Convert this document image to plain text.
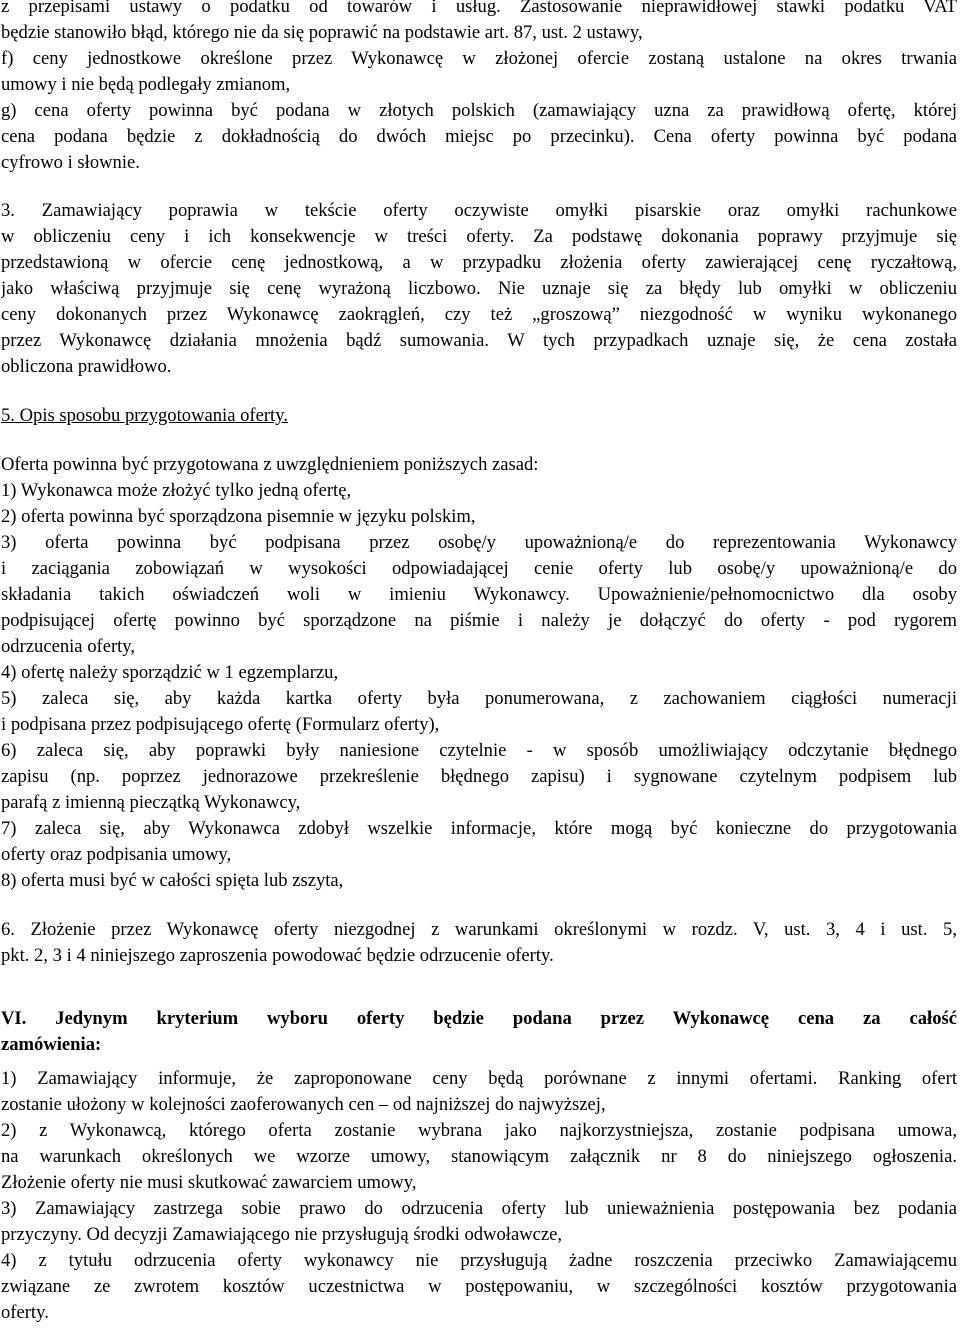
z przepisami ustawy o podatku od towarów i usług. Zastosowanie nieprawidłowej stawki podatku VAT
będzie stanowiło błąd, którego nie da się poprawić na podstawie art. 87, ust. 2 ustawy,
f) ceny jednostkowe określone przez Wykonawcę w złożonej ofercie zostaną ustalone na okres trwania
umowy i nie będą podlegały zmianom,
g) cena oferty powinna być podana w złotych polskich (zamawiający uzna za prawidłową ofertę, której
cena podana będzie z dokładnością do dwóch miejsc po przecinku). Cena oferty powinna być podana
cyfrowo i słownie.
3. Zamawiający poprawia w tekście oferty oczywiste omyłki pisarskie oraz omyłki rachunkowe
w obliczeniu ceny i ich konsekwencje w treści oferty. Za podstawę dokonania poprawy przyjmuje się
przedstawioną w ofercie cenę jednostkową, a w przypadku złożenia oferty zawierającej cenę ryczałtową,
jako właściwą przyjmuje się cenę wyrażoną liczbowo. Nie uznaje się za błędy lub omyłki w obliczeniu
ceny dokonanych przez Wykonawcę zaokrągleń, czy też „groszową” niezgodność w wyniku wykonanego
przez Wykonawcę działania mnożenia bądź sumowania. W tych przypadkach uznaje się, że cena została
obliczona prawidłowo.
5. Opis sposobu przygotowania oferty.
Oferta powinna być przygotowana z uwzględnieniem poniższych zasad:
1) Wykonawca może złożyć tylko jedną ofertę,
2) oferta powinna być sporządzona pisemnie w języku polskim,
3) oferta powinna być podpisana przez osobę/y upoważnioną/e do reprezentowania Wykonawcy
i zaciągania zobowiązań w wysokości odpowiadającej cenie oferty lub osobę/y upoważnioną/e do
składania takich oświadczeń woli w imieniu Wykonawcy. Upoważnienie/pełnomocnictwo dla osoby
podpisującej ofertę powinno być sporządzone na piśmie i należy je dołączyć do oferty - pod rygorem
odrzucenia oferty,
4) ofertę należy sporządzić w 1 egzemplarzu,
5) zaleca się, aby każda kartka oferty była ponumerowana, z zachowaniem ciągłości numeracji
i podpisana przez podpisującego ofertę (Formularz oferty),
6) zaleca się, aby poprawki były naniesione czytelnie - w sposób umożliwiający odczytanie błędnego
zapisu (np. poprzez jednorazowe przekreślenie błędnego zapisu) i sygnowane czytelnym podpisem lub
parafą z imienną pieczątką Wykonawcy,
7) zaleca się, aby Wykonawca zdobył wszelkie informacje, które mogą być konieczne do przygotowania
oferty oraz podpisania umowy,
8) oferta musi być w całości spięta lub zszyta,
6. Złożenie przez Wykonawcę oferty niezgodnej z warunkami określonymi w rozdz. V, ust. 3, 4 i ust. 5,
pkt. 2, 3 i 4 niniejszego zaproszenia powodować będzie odrzucenie oferty.
VI. Jedynym kryterium wyboru oferty będzie podana przez Wykonawcę cena za całość
zamówienia:
1) Zamawiający informuje, że zaproponowane ceny będą porównane z innymi ofertami. Ranking ofert
zostanie ułożony w kolejności zaoferowanych cen – od najniższej do najwyższej,
2) z Wykonawcą, którego oferta zostanie wybrana jako najkorzystniejsza, zostanie podpisana umowa,
na warunkach określonych we wzorze umowy, stanowiącym załącznik nr 8 do niniejszego ogłoszenia.
Złożenie oferty nie musi skutkować zawarciem umowy,
3) Zamawiający zastrzega sobie prawo do odrzucenia oferty lub unieważnienia postępowania bez podania
przyczyny. Od decyzji Zamawiającego nie przysługują środki odwoławcze,
4) z tytułu odrzucenia oferty wykonawcy nie przysługują żadne roszczenia przeciwko Zamawiającemu
związane ze zwrotem kosztów uczestnictwa w postępowaniu, w szczególności kosztów przygotowania
oferty.
